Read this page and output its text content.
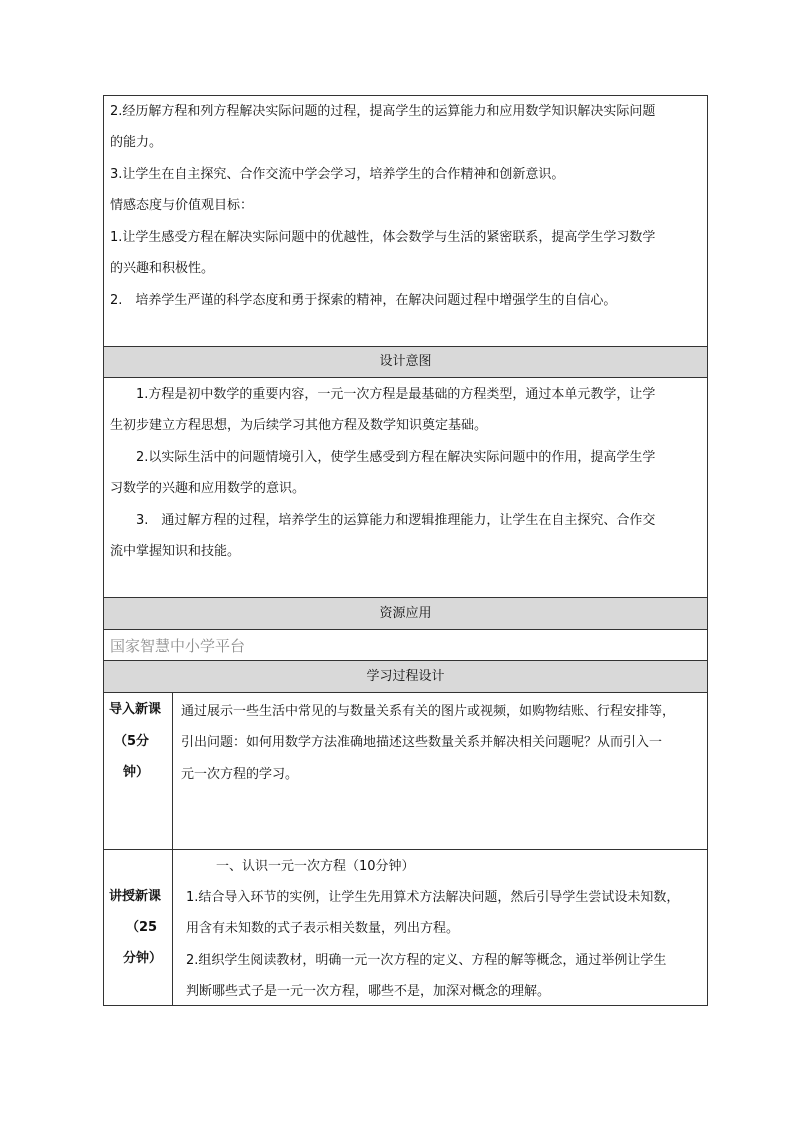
2.经历解方程和列方程解决实际问题的过程，提高学生的运算能力和应用数学知识解决实际问题
的能力。
3.让学生在自主探究、合作交流中学会学习，培养学生的合作精神和创新意识。
情感态度与价值观目标：
1.让学生感受方程在解决实际问题中的优越性，体会数学与生活的紧密联系，提高学生学习数学
的兴趣和积极性。
2.　培养学生严谨的科学态度和勇于探索的精神，在解决问题过程中增强学生的自信心。
设计意图
1.方程是初中数学的重要内容，一元一次方程是最基础的方程类型，通过本单元教学，让学
生初步建立方程思想，为后续学习其他方程及数学知识奠定基础。
2.以实际生活中的问题情境引入，使学生感受到方程在解决实际问题中的作用，提高学生学
习数学的兴趣和应用数学的意识。
3.　通过解方程的过程，培养学生的运算能力和逻辑推理能力，让学生在自主探究、合作交
流中掌握知识和技能。
资源应用
国家智慧中小学平台
学习过程设计
导入新课
（5分
钟）
通过展示一些生活中常见的与数量关系有关的图片或视频，如购物结账、行程安排等，
引出问题：如何用数学方法准确地描述这些数量关系并解决相关问题呢？从而引入一
元一次方程的学习。
讲授新课
（25
分钟）
一、认识一元一次方程（10分钟）
1.结合导入环节的实例，让学生先用算术方法解决问题，然后引导学生尝试设未知数，
用含有未知数的式子表示相关数量，列出方程。
2.组织学生阅读教材，明确一元一次方程的定义、方程的解等概念，通过举例让学生
判断哪些式子是一元一次方程，哪些不是，加深对概念的理解。
